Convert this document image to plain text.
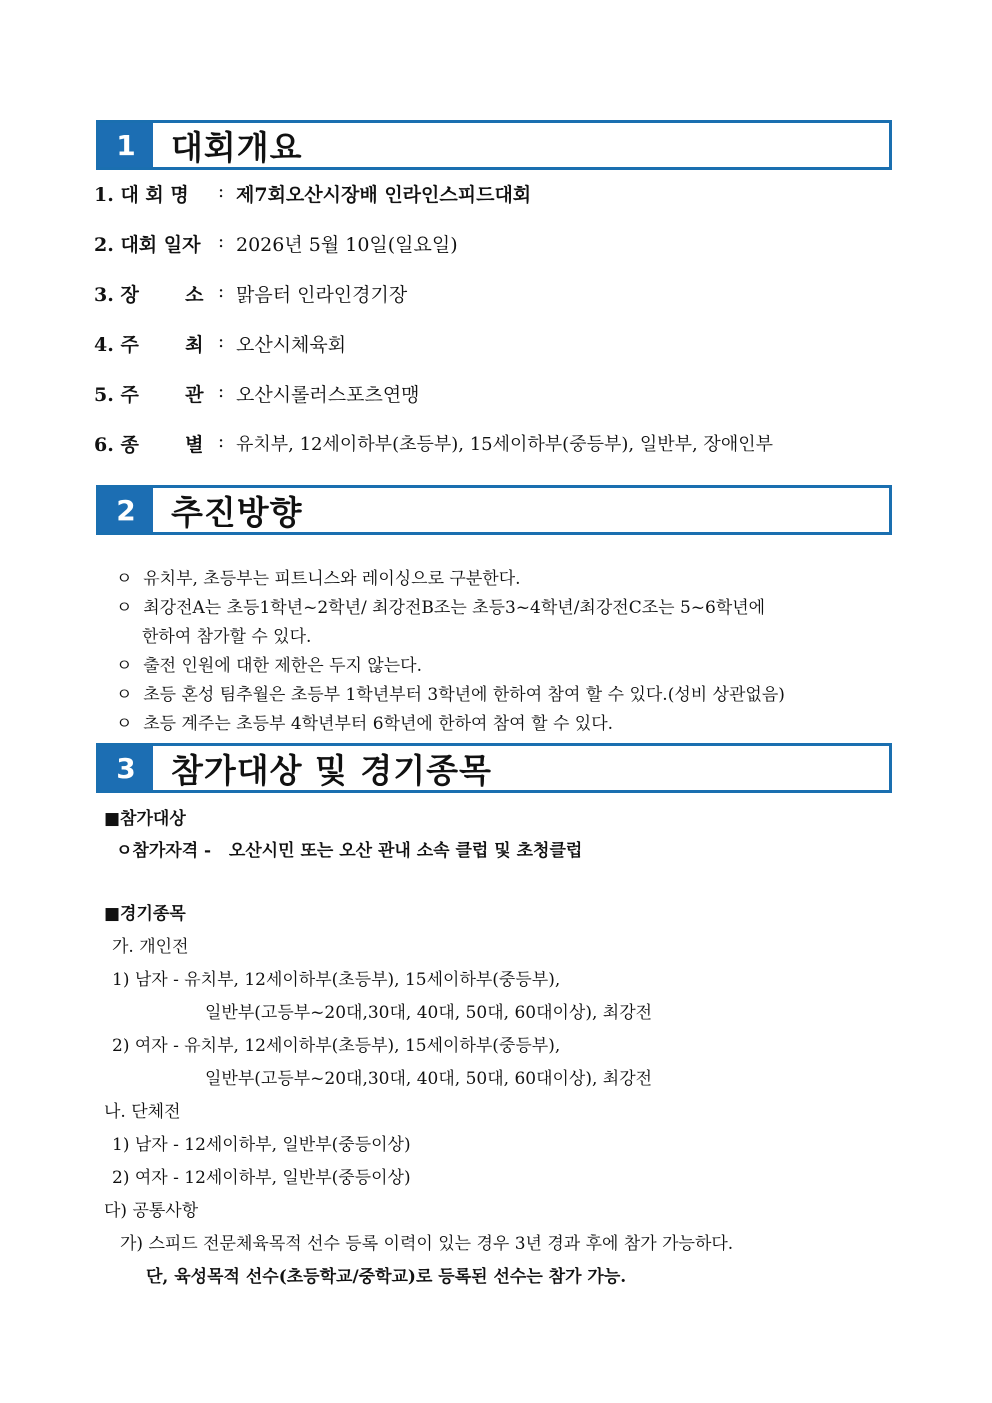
1	대회개요
1. 대 회 명 : 제7회오산시장배 인라인스피드대회
2. 대회 일자 : 2026년 5월 10일(일요일)
3. 장       소 : 맑음터 인라인경기장
4. 주       최 : 오산시체육회
5. 주       관 : 오산시롤러스포츠연맹
6. 종       별 : 유치부, 12세이하부(초등부), 15세이하부(중등부), 일반부, 장애인부
2	추진방향
ㅇ  유치부, 초등부는 피트니스와 레이싱으로 구분한다.
ㅇ  최강전A는 초등1학년~2학년/ 최강전B조는 초등3~4학년/최강전C조는 5~6학년에
한하여 참가할 수 있다.
ㅇ  출전 인원에 대한 제한은 두지 않는다.
ㅇ  초등 혼성 팀추월은 초등부 1학년부터 3학년에 한하여 참여 할 수 있다.(성비 상관없음)
ㅇ  초등 계주는 초등부 4학년부터 6학년에 한하여 참여 할 수 있다.
3	참가대상 및 경기종목
■참가대상
ㅇ참가자격 -   오산시민 또는 오산 관내 소속 클럽 및 초청클럽
■경기종목
가. 개인전
1) 남자 - 유치부, 12세이하부(초등부), 15세이하부(중등부),
일반부(고등부~20대,30대, 40대, 50대, 60대이상), 최강전
2) 여자 - 유치부, 12세이하부(초등부), 15세이하부(중등부),
일반부(고등부~20대,30대, 40대, 50대, 60대이상), 최강전
나. 단체전
1) 남자 - 12세이하부, 일반부(중등이상)
2) 여자 - 12세이하부, 일반부(중등이상)
다) 공통사항
가) 스피드 전문체육목적 선수 등록 이력이 있는 경우 3년 경과 후에 참가 가능하다.
단, 육성목적 선수(초등학교/중학교)로 등록된 선수는 참가 가능.
